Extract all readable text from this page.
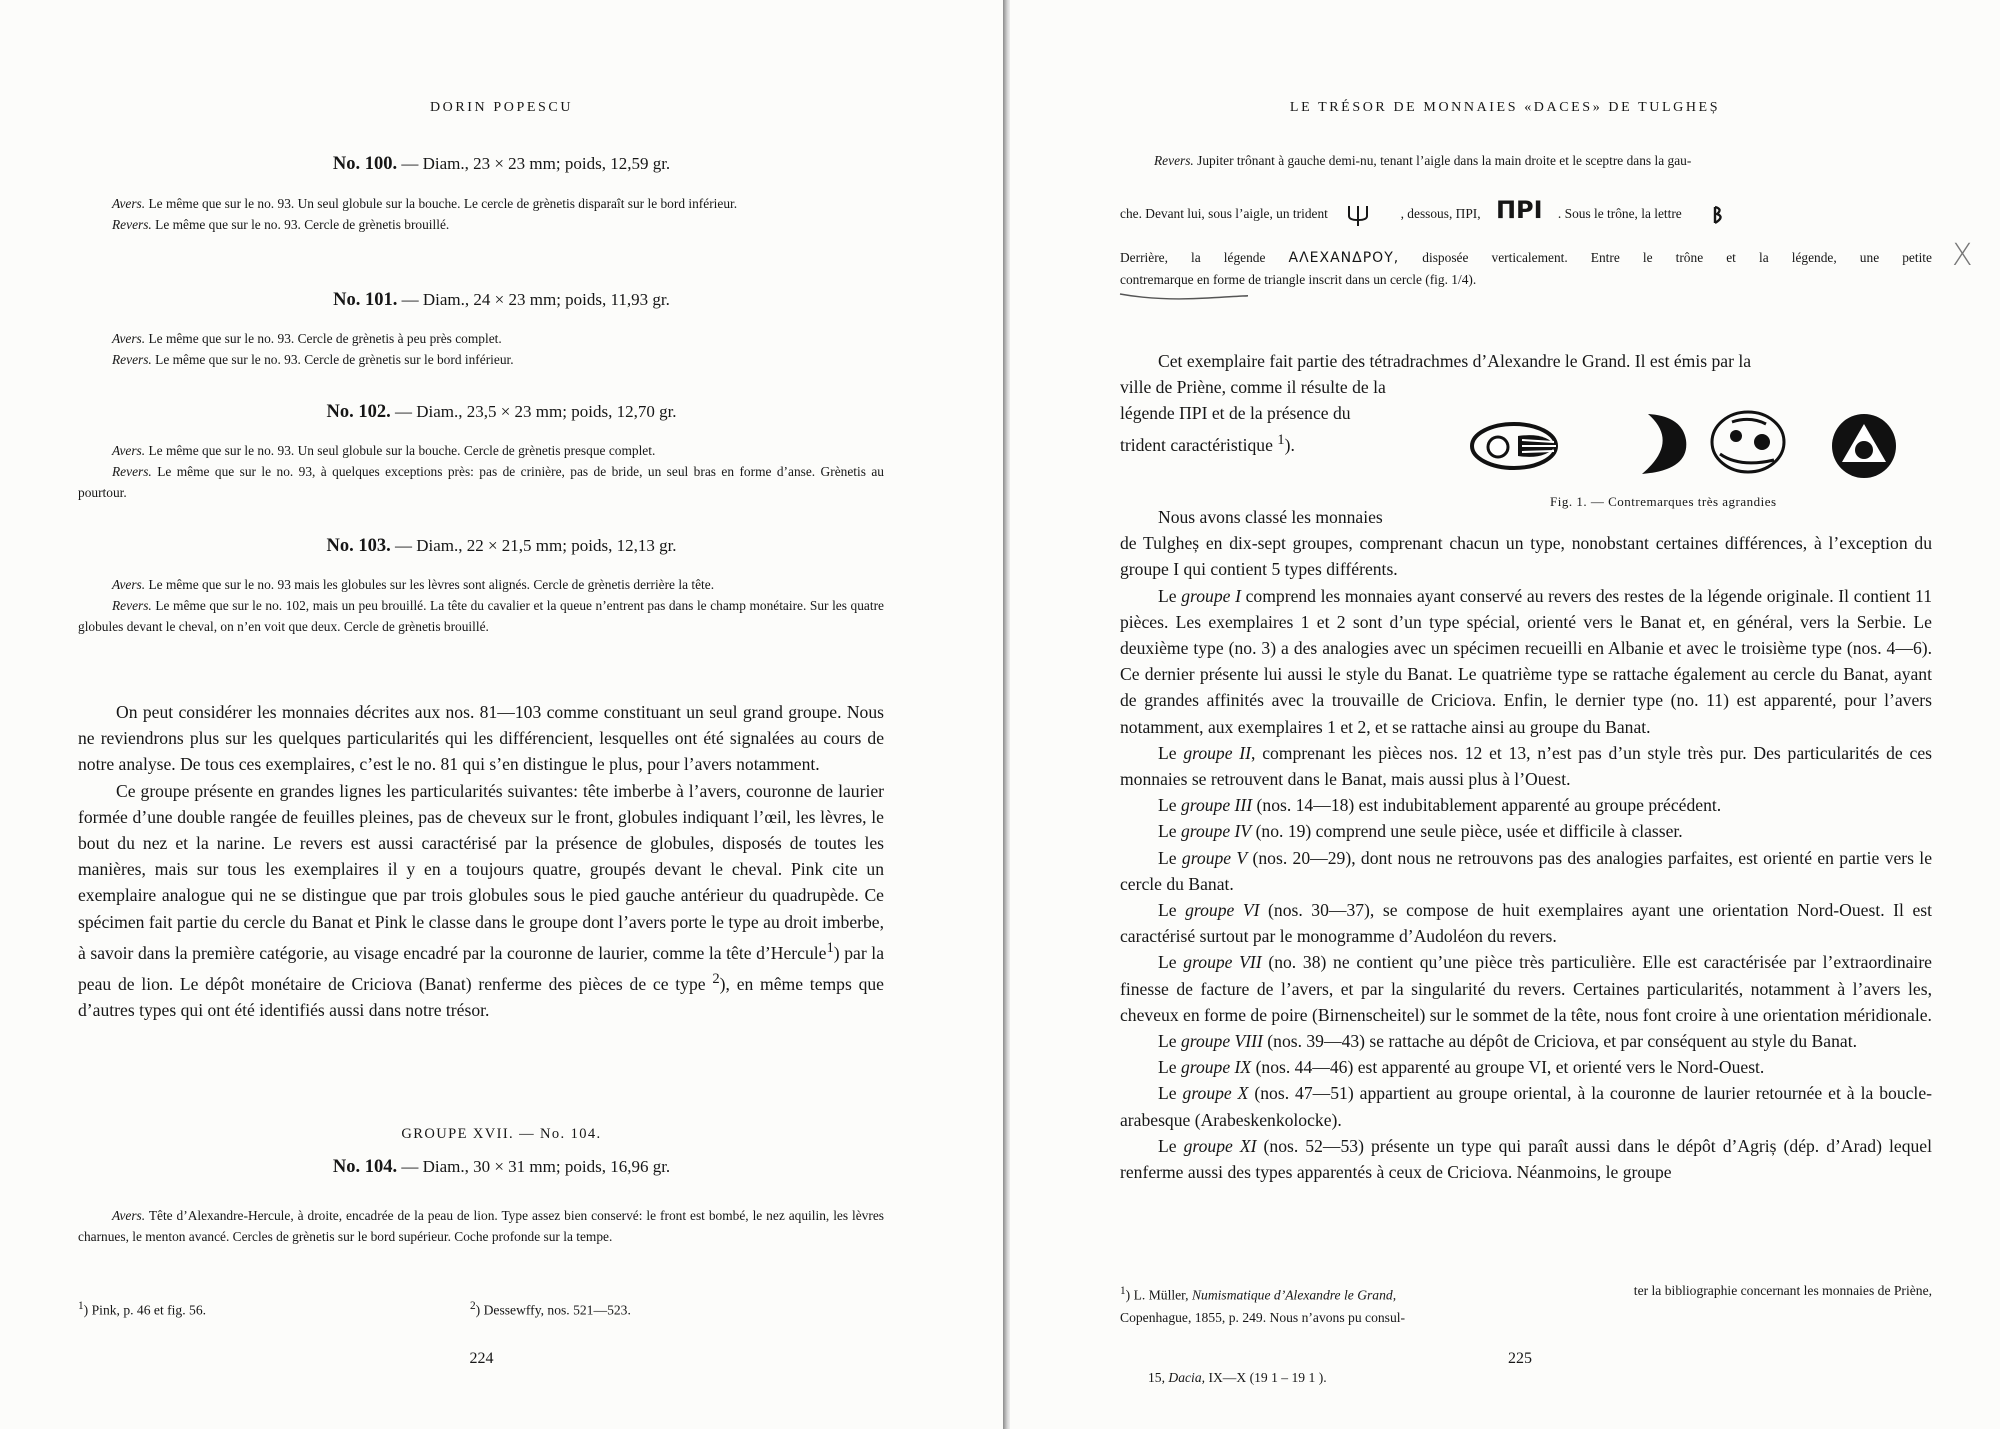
DORIN POPESCU
No. 100. — Diam., 23 × 23 mm; poids, 12,59 gr.

Avers. Le même que sur le no. 93. Un seul globule sur la bouche. Le cercle de grènetis disparaît sur le bord inférieur.

Revers. Le même que sur le no. 93. Cercle de grènetis brouillé.

No. 101. — Diam., 24 × 23 mm; poids, 11,93 gr.

Avers. Le même que sur le no. 93. Cercle de grènetis à peu près complet.

Revers. Le même que sur le no. 93. Cercle de grènetis sur le bord inférieur.

No. 102. — Diam., 23,5 × 23 mm; poids, 12,70 gr.

Avers. Le même que sur le no. 93. Un seul globule sur la bouche. Cercle de grènetis presque complet.

Revers. Le même que sur le no. 93, à quelques exceptions près: pas de crinière, pas de bride, un seul bras en forme d’anse. Grènetis au pourtour.

No. 103. — Diam., 22 × 21,5 mm; poids, 12,13 gr.

Avers. Le même que sur le no. 93 mais les globules sur les lèvres sont alignés. Cercle de grènetis derrière la tête.

Revers. Le même que sur le no. 102, mais un peu brouillé. La tête du cavalier et la queue n’entrent pas dans le champ monétaire. Sur les quatre globules devant le cheval, on n’en voit que deux. Cercle de grènetis brouillé.

On peut considérer les monnaies décrites aux nos. 81—103 comme constituant un seul grand groupe. Nous ne reviendrons plus sur les quelques particularités qui les différencient, lesquelles ont été signalées au cours de notre analyse. De tous ces exemplaires, c’est le no. 81 qui s’en distingue le plus, pour l’avers notamment.

Ce groupe présente en grandes lignes les particularités suivantes: tête imberbe à l’avers, couronne de laurier formée d’une double rangée de feuilles pleines, pas de cheveux sur le front, globules indiquant l’œil, les lèvres, le bout du nez et la narine. Le revers est aussi caractérisé par la présence de globules, disposés de toutes les manières, mais sur tous les exemplaires il y en a toujours quatre, groupés devant le cheval. Pink cite un exemplaire analogue qui ne se distingue que par trois globules sous le pied gauche antérieur du quadrupède. Ce spécimen fait partie du cercle du Banat et Pink le classe dans le groupe dont l’avers porte le type au droit imberbe, à savoir dans la première catégorie, au visage encadré par la couronne de laurier, comme la tête d’Hercule$^1$) par la peau de lion. Le dépôt monétaire de Criciova (Banat) renferme des pièces de ce type $^2$), en même temps que d’autres types qui ont été identifiés aussi dans notre trésor.

GROUPE XVII. — No. 104.
No. 104. — Diam., 30 × 31 mm; poids, 16,96 gr.

Avers. Tête d’Alexandre-Hercule, à droite, encadrée de la peau de lion. Type assez bien conservé: le front est bombé, le nez aquilin, les lèvres charnues, le menton avancé. Cercles de grènetis sur le bord supérieur. Coche profonde sur la tempe.

$^1$) Pink, p. 46 et fig. 56.	$^2$) Dessewffy, nos. 521—523.
224
LE TRÉSOR DE MONNAIES «DACES» DE TULGHEȘ
Revers. Jupiter trônant à gauche demi-nu, tenant l’aigle dans la main droite et le sceptre dans la gau-
che. Devant lui, sous l’aigle, un trident	, dessous, ΠΡΙ, ΠΡΙ . Sous le trône, la lettre
Derrière, la légende ΑΛΕΧΑΝΔΡΟΥ, disposée verticalement. Entre le trône et la légende, une petite
contremarque en forme de triangle inscrit dans un cercle (fig. 1/4).
X

Cet exemplaire fait partie des tétradrachmes d’Alexandre le Grand. Il est émis par la

ville de Priène, comme il résulte de la

légende ΠΡΙ et de la présence du

trident caractéristique $^1$).

Fig. 1. — Contremarques très agrandies

Nous avons classé les monnaies

de Tulgheș en dix-sept groupes, comprenant chacun un type, nonobstant certaines différences, à l’exception du groupe I qui contient 5 types différents.

Le groupe I comprend les monnaies ayant conservé au revers des restes de la légende originale. Il contient 11 pièces. Les exemplaires 1 et 2 sont d’un type spécial, orienté vers le Banat et, en général, vers la Serbie. Le deuxième type (no. 3) a des analogies avec un spécimen recueilli en Albanie et avec le troisième type (nos. 4—6). Ce dernier présente lui aussi le style du Banat. Le quatrième type se rattache également au cercle du Banat, ayant de grandes affinités avec la trouvaille de Criciova. Enfin, le dernier type (no. 11) est apparenté, pour l’avers notamment, aux exemplaires 1 et 2, et se rattache ainsi au groupe du Banat.

Le groupe II, comprenant les pièces nos. 12 et 13, n’est pas d’un style très pur. Des particularités de ces monnaies se retrouvent dans le Banat, mais aussi plus à l’Ouest.

Le groupe III (nos. 14—18) est indubitablement apparenté au groupe précédent.

Le groupe IV (no. 19) comprend une seule pièce, usée et difficile à classer.

Le groupe V (nos. 20—29), dont nous ne retrouvons pas des analogies parfaites, est orienté en partie vers le cercle du Banat.

Le groupe VI (nos. 30—37), se compose de huit exemplaires ayant une orientation Nord-Ouest. Il est caractérisé surtout par le monogramme d’Audoléon du revers.

Le groupe VII (no. 38) ne contient qu’une pièce très particulière. Elle est caractérisée par l’extraordinaire finesse de facture de l’avers, et par la singularité du revers. Certaines particularités, notamment à l’avers les, cheveux en forme de poire (Birnenscheitel) sur le sommet de la tête, nous font croire à une orientation méridionale.

Le groupe VIII (nos. 39—43) se rattache au dépôt de Criciova, et par conséquent au style du Banat.

Le groupe IX (nos. 44—46) est apparenté au groupe VI, et orienté vers le Nord-Ouest.

Le groupe X (nos. 47—51) appartient au groupe oriental, à la couronne de laurier retournée et à la boucle-arabesque (Arabeskenkolocke).

Le groupe XI (nos. 52—53) présente un type qui paraît aussi dans le dépôt d’Agriș (dép. d’Arad) lequel renferme aussi des types apparentés à ceux de Criciova. Néanmoins, le groupe

$^1$) L. Müller, Numismatique d’Alexandre le Grand,	ter la bibliographie concernant les monnaies de Priène,
Copenhague, 1855, p. 249. Nous n’avons pu consul-
225
15, Dacia, IX—X (19 1 – 19 1 ).
